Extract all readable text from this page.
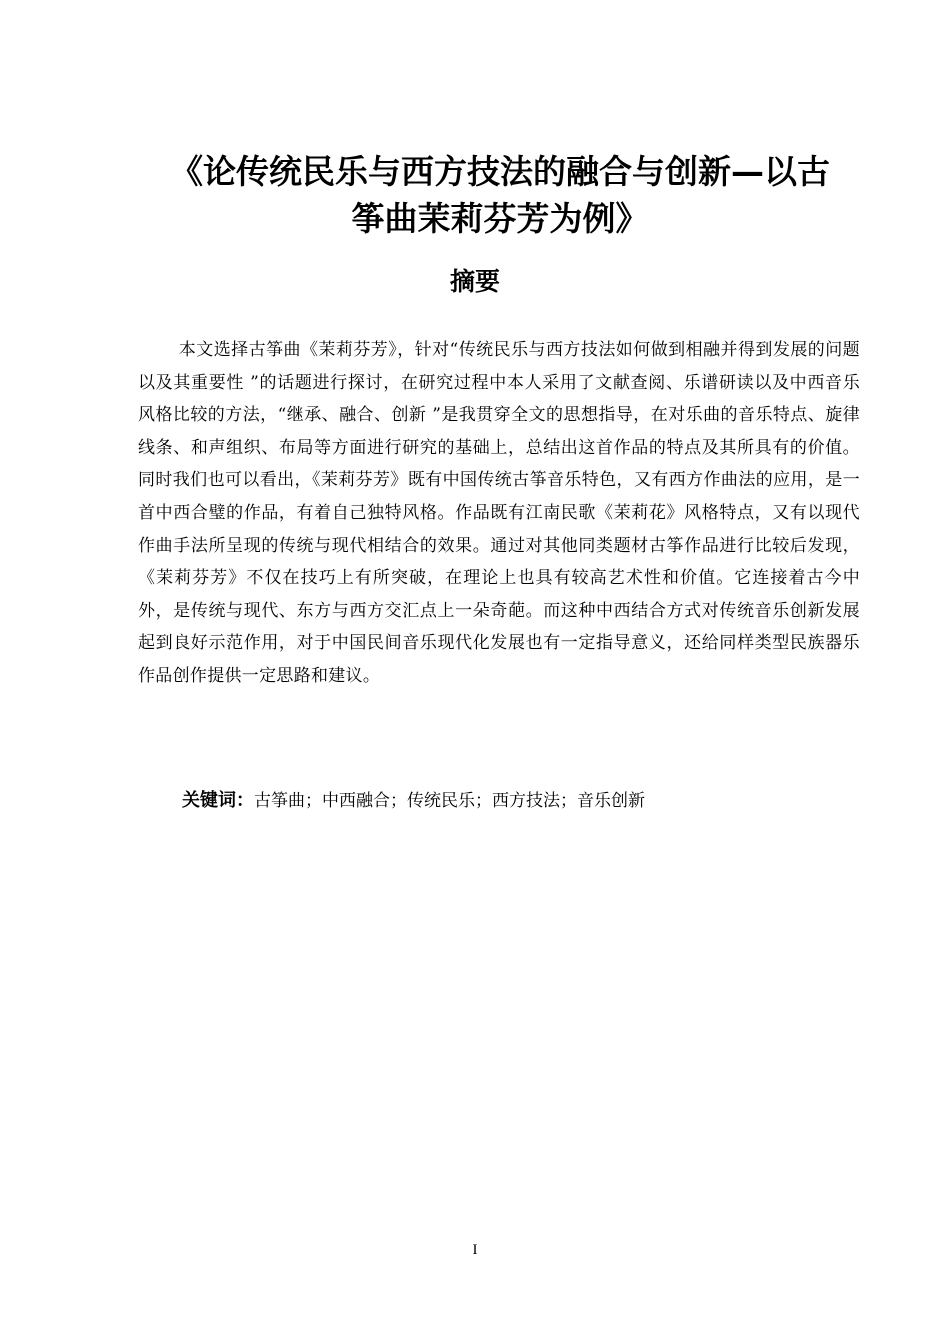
《论传统民乐与西方技法的融合与创新—以古
筝曲茉莉芬芳为例》
摘要

本文选择古筝曲《茉莉芬芳》，针对“传统民乐与西方技法如何做到相融并得到发展的问题以及其重要性 ”的话题进行探讨，在研究过程中本人采用了文献查阅、乐谱研读以及中西音乐风格比较的方法，“继承、融合、创新 ”是我贯穿全文的思想指导，在对乐曲的音乐特点、旋律线条、和声组织、布局等方面进行研究的基础上，总结出这首作品的特点及其所具有的价值。同时我们也可以看出，《茉莉芬芳》既有中国传统古筝音乐特色，又有西方作曲法的应用，是一首中西合璧的作品，有着自己独特风格。作品既有江南民歌《茉莉花》风格特点，又有以现代作曲手法所呈现的传统与现代相结合的效果。通过对其他同类题材古筝作品进行比较后发现，《茉莉芬芳》不仅在技巧上有所突破，在理论上也具有较高艺术性和价值。它连接着古今中外，是传统与现代、东方与西方交汇点上一朵奇葩。而这种中西结合方式对传统音乐创新发展起到良好示范作用，对于中国民间音乐现代化发展也有一定指导意义，还给同样类型民族器乐作品创作提供一定思路和建议。

关键词：古筝曲；中西融合；传统民乐；西方技法；音乐创新

I
